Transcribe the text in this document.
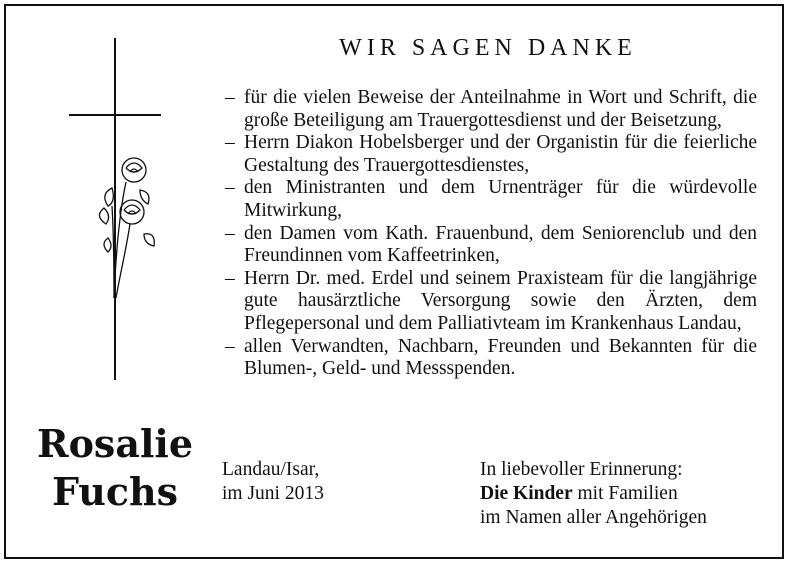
Rosalie
Fuchs
WIR SAGEN DANKE
– für die vielen Beweise der Anteilnahme in Wort und Schrift, die große Beteiligung am Trauergottesdienst und der Beisetzung,
– Herrn Diakon Hobelsberger und der Organistin für die feierliche Gestaltung des Trauergottesdienstes,
– den Ministranten und dem Urnenträger für die würdevolle Mitwirkung,
– den Damen vom Kath. Frauenbund, dem Seniorenclub und den Freundinnen vom Kaffeetrinken,
– Herrn Dr. med. Erdel und seinem Praxisteam für die langjährige gute hausärztliche Versorgung sowie den Ärzten, dem Pflegepersonal und dem Palliativteam im Krankenhaus Landau,
– allen Verwandten, Nachbarn, Freunden und Bekannten für die Blumen-, Geld- und Messspenden.
Landau/Isar,
im Juni 2013
In liebevoller Erinnerung:
Die Kinder mit Familien
im Namen aller Angehörigen
